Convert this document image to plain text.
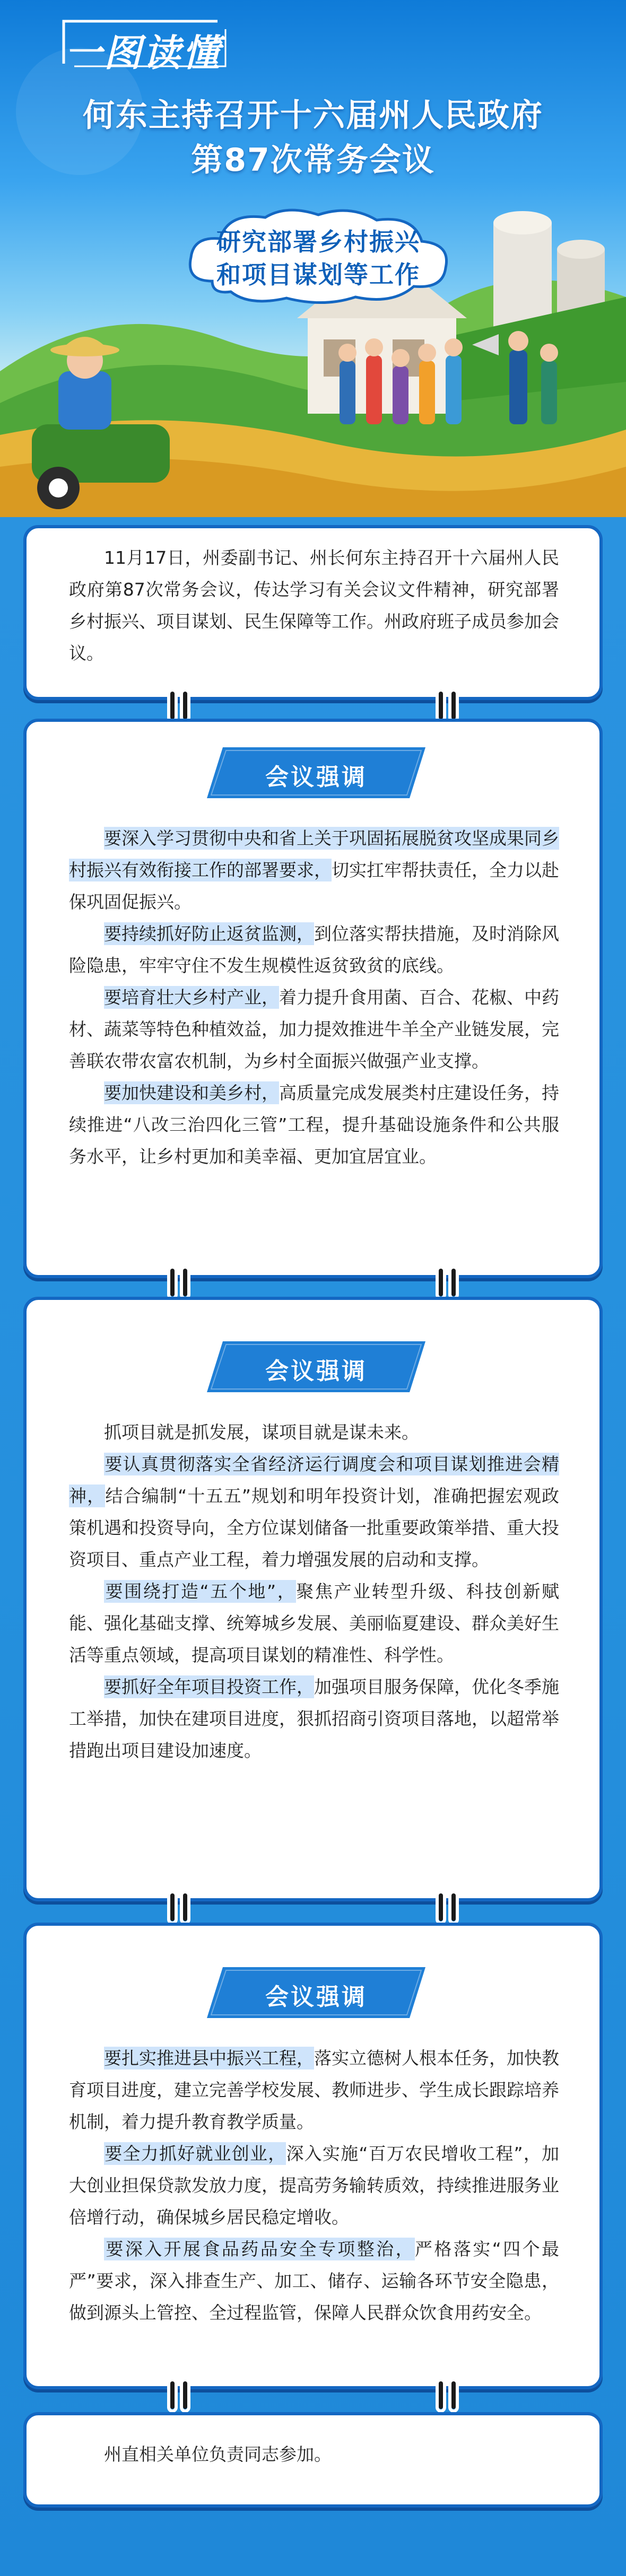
一图读懂
何东主持召开十六届州人民政府
第87次常务会议
研究部署乡村振兴
和项目谋划等工作
11月17日，州委副书记、州长何东主持召开十六届州人民政府第87次常务会议，传达学习有关会议文件精神，研究部署乡村振兴、项目谋划、民生保障等工作。州政府班子成员参加会议。
会议强调

要深入学习贯彻中央和省上关于巩固拓展脱贫攻坚成果同乡村振兴有效衔接工作的部署要求，切实扛牢帮扶责任，全力以赴保巩固促振兴。

要持续抓好防止返贫监测，到位落实帮扶措施，及时消除风险隐患，牢牢守住不发生规模性返贫致贫的底线。

要培育壮大乡村产业，着力提升食用菌、百合、花椒、中药材、蔬菜等特色种植效益，加力提效推进牛羊全产业链发展，完善联农带农富农机制，为乡村全面振兴做强产业支撑。

要加快建设和美乡村，高质量完成发展类村庄建设任务，持续推进“八改三治四化三管”工程，提升基础设施条件和公共服务水平，让乡村更加和美幸福、更加宜居宜业。

会议强调

抓项目就是抓发展，谋项目就是谋未来。

要认真贯彻落实全省经济运行调度会和项目谋划推进会精神，结合编制“十五五”规划和明年投资计划，准确把握宏观政策机遇和投资导向，全方位谋划储备一批重要政策举措、重大投资项目、重点产业工程，着力增强发展的启动和支撑。

要围绕打造“五个地”，聚焦产业转型升级、科技创新赋能、强化基础支撑、统筹城乡发展、美丽临夏建设、群众美好生活等重点领域，提高项目谋划的精准性、科学性。

要抓好全年项目投资工作，加强项目服务保障，优化冬季施工举措，加快在建项目进度，狠抓招商引资项目落地，以超常举措跑出项目建设加速度。

会议强调

要扎实推进县中振兴工程，落实立德树人根本任务，加快教育项目进度，建立完善学校发展、教师进步、学生成长跟踪培养机制，着力提升教育教学质量。

要全力抓好就业创业，深入实施“百万农民增收工程”，加大创业担保贷款发放力度，提高劳务输转质效，持续推进服务业倍增行动，确保城乡居民稳定增收。

要深入开展食品药品安全专项整治，严格落实“四个最严”要求，深入排查生产、加工、储存、运输各环节安全隐患，做到源头上管控、全过程监管，保障人民群众饮食用药安全。

州直相关单位负责同志参加。
